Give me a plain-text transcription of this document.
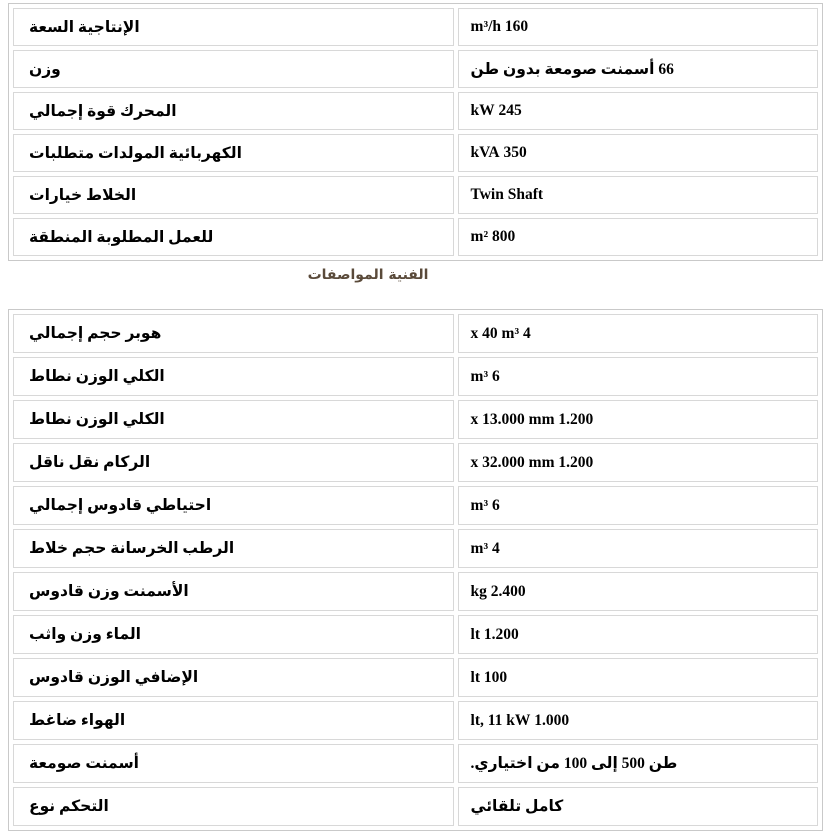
الإنتاجية السعة	160 m³/h
وزن	66 أسمنت صومعة بدون طن
المحرك قوة إجمالي	245 kW
الكهربائية المولدات متطلبات	350 kVA
الخلاط خيارات	Twin Shaft
للعمل المطلوبة المنطقة	800 m²
الفنية المواصفات
هوبر حجم إجمالي	4 x 40 m³
الكلي الوزن نطاط	6 m³
الكلي الوزن نطاط	1.200 x 13.000 mm
الركام نقل ناقل	1.200 x 32.000 mm
احتياطي قادوس إجمالي	6 m³
الرطب الخرسانة حجم خلاط	4 m³
الأسمنت وزن قادوس	2.400 kg
الماء وزن واثب	1.200 lt
الإضافي الوزن قادوس	100 lt
الهواء ضاغط	1.000 lt, 11 kW
أسمنت صومعة	طن 500 إلى 100 من اختياري.
التحكم نوع	كامل تلقائي
